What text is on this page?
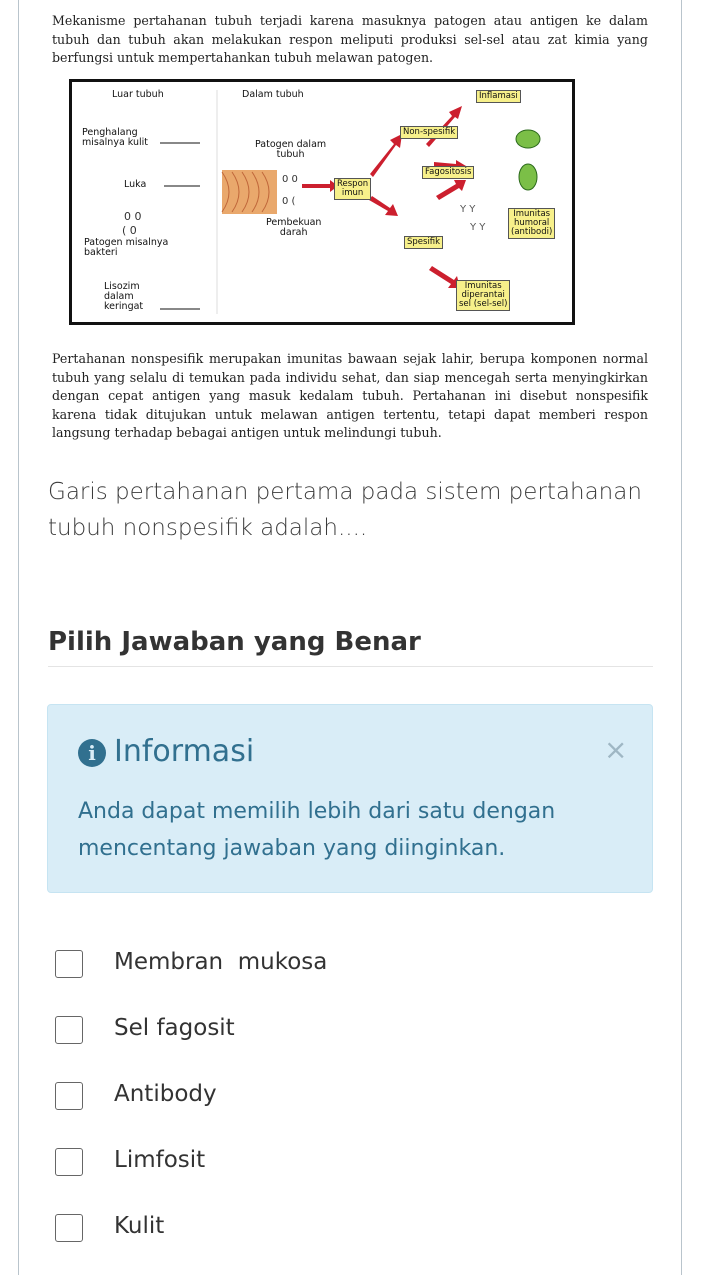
Mekanisme pertahanan tubuh terjadi karena masuknya patogen atau antigen ke dalam tubuh dan tubuh akan melakukan respon meliputi produksi sel-sel atau zat kimia yang berfungsi untuk mempertahankan tubuh melawan patogen.

0 0
( 0
0 0
0 (
Y Y
Y Y
Luar tubuh	Dalam tubuh
Penghalang
misalnya kulit
Luka
Patogen misalnya
bakteri
Lisozim
dalam
keringat
Patogen dalam
tubuh
Pembekuan
darah
Respon
imun
Inflamasi
Non-spesifik
Fagositosis
Spesifik
Imunitas
humoral
(antibodi)
Imunitas
diperantai
sel (sel-sel)

Pertahanan nonspesifik merupakan imunitas bawaan sejak lahir, berupa komponen normal tubuh yang selalu di temukan pada individu sehat, dan siap mencegah serta menyingkirkan dengan cepat antigen yang masuk kedalam tubuh. Pertahanan ini disebut nonspesifik karena tidak ditujukan untuk melawan antigen tertentu, tetapi dapat memberi respon langsung terhadap bebagai antigen untuk melindungi tubuh.

Garis pertahanan pertama pada sistem pertahanan tubuh nonspesifik adalah....

Pilih Jawaban yang Benar
i Informasi	×

Anda dapat memilih lebih dari satu dengan mencentang jawaban yang diinginkan.

Membran  mukosa
Sel fagosit
Antibody
Limfosit
Kulit
